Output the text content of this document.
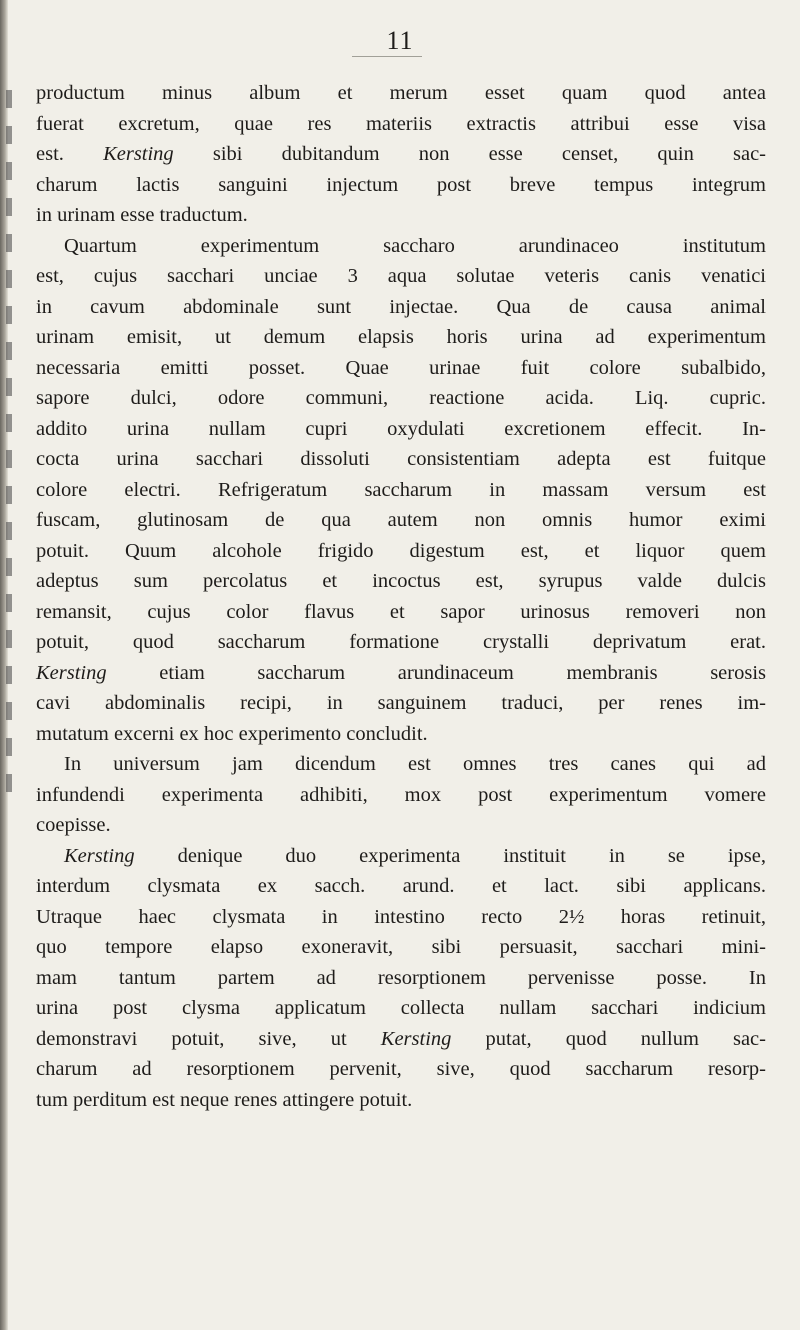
11
productum minus album et merum esset quam quod antea
fuerat excretum, quae res materiis extractis attribui esse visa
est. Kersting sibi dubitandum non esse censet, quin sac-
charum lactis sanguini injectum post breve tempus integrum
in urinam esse traductum.
Quartum experimentum saccharo arundinaceo institutum
est, cujus sacchari unciae 3 aqua solutae veteris canis venatici
in cavum abdominale sunt injectae. Qua de causa animal
urinam emisit, ut demum elapsis horis urina ad experimentum
necessaria emitti posset. Quae urinae fuit colore subalbido,
sapore dulci, odore communi, reactione acida. Liq. cupric.
addito urina nullam cupri oxydulati excretionem effecit. In-
cocta urina sacchari dissoluti consistentiam adepta est fuitque
colore electri. Refrigeratum saccharum in massam versum est
fuscam, glutinosam de qua autem non omnis humor eximi
potuit. Quum alcohole frigido digestum est, et liquor quem
adeptus sum percolatus et incoctus est, syrupus valde dulcis
remansit, cujus color flavus et sapor urinosus removeri non
potuit, quod saccharum formatione crystalli deprivatum erat.
Kersting etiam saccharum arundinaceum membranis serosis
cavi abdominalis recipi, in sanguinem traduci, per renes im-
mutatum excerni ex hoc experimento concludit.
In universum jam dicendum est omnes tres canes qui ad
infundendi experimenta adhibiti, mox post experimentum vomere
coepisse.
Kersting denique duo experimenta instituit in se ipse,
interdum clysmata ex sacch. arund. et lact. sibi applicans.
Utraque haec clysmata in intestino recto 2½ horas retinuit,
quo tempore elapso exoneravit, sibi persuasit, sacchari mini-
mam tantum partem ad resorptionem pervenisse posse. In
urina post clysma applicatum collecta nullam sacchari indicium
demonstravi potuit, sive, ut Kersting putat, quod nullum sac-
charum ad resorptionem pervenit, sive, quod saccharum resorp-
tum perditum est neque renes attingere potuit.
